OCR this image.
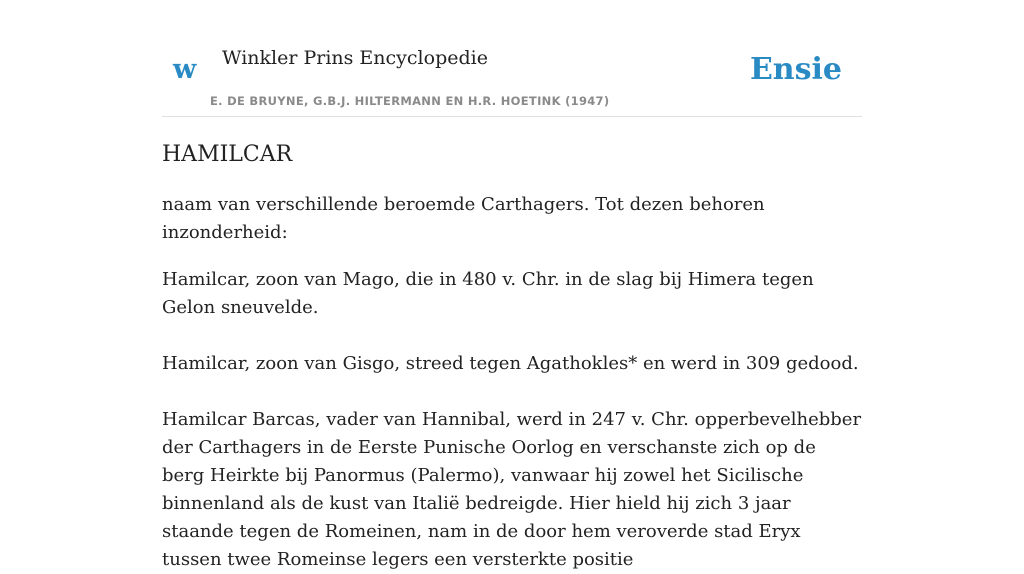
w Winkler Prins Encyclopedie
E. DE BRUYNE, G.B.J. HILTERMANN EN H.R. HOETINK (1947)
Ensie
HAMILCAR

naam van verschillende beroemde Carthagers. Tot dezen behoren inzonderheid:

Hamilcar, zoon van Mago, die in 480 v. Chr. in de slag bij Himera tegen Gelon sneuvelde.

Hamilcar, zoon van Gisgo, streed tegen Agathokles* en werd in 309 gedood.

Hamilcar Barcas, vader van Hannibal, werd in 247 v. Chr. opperbevelhebber der Carthagers in de Eerste Punische Oorlog en verschanste zich op de berg Heirkte bij Panormus (Palermo), vanwaar hij zowel het Sicilische binnenland als de kust van Italië bedreigde. Hier hield hij zich 3 jaar staande tegen de Romeinen, nam in de door hem veroverde stad Eryx tussen twee Romeinse legers een versterkte positie
